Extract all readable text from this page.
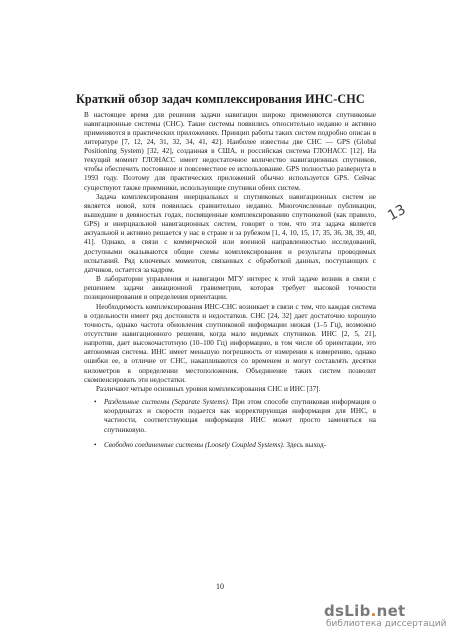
Краткий обзор задач комплексирования ИНС-СНС

В настоящее время для решения задачи навигации широко применяются спутниковые навигационные системы (СНС). Такие системы появились относительно недавно и активно применяются в практических приложениях. Принцип работы таких систем подробно описан в литературе [7, 12, 24, 31, 32, 34, 41, 42]. Наиболее известны две СНС — GPS (Global Positioning System) [32, 42], созданная в США, и российская система ГЛОНАСС [12]. На текущий момент ГЛОНАСС имеет недостаточное количество навигационных спутников, чтобы обеспечить постоянное и повсеместное ее использование. GPS полностью развернута в 1993 году. Поэтому для практических приложений обычно используется GPS. Сейчас существуют также приемники, использующие спутники обеих систем.

Задача комплексирования инерциальных и спутниковых навигационных систем не является новой, хотя появилась сравнительно недавно. Многочисленные публикации, вышедшие в девяностых годах, посвященные комплексированию спутниковой (как правило, GPS) и инерциальной навигационных систем, говорят о том, что эта задача является актуальной и активно решается у нас в стране и за рубежом [1, 4, 10, 15, 17, 35, 36, 38, 39, 40, 41]. Однако, в связи с коммерческой или военной направленностью исследований, доступными оказываются общие схемы комплексирования и результаты проводимых испытаний. Ряд ключевых моментов, связанных с обработкой данных, поступающих с датчиков, остается за кадром.

В лаборатории управления и навигации МГУ интерес к этой задаче возник в связи с решением задачи авиационной гравиметрии, которая требует высокой точности позиционирования и определения ориентации.

Необходимость комплексирования ИНС-СНС возникает в связи с тем, что каждая система в отдельности имеет ряд достоинств и недостатков. СНС [24, 32] дает достаточно хорошую точность, однако частота обновления спутниковой информации низкая (1–5 Гц), возможно отсутствие навигационного решения, когда мало видимых спутников. ИНС [2, 5, 21], напротив, дает высокочастотную (10–100 Гц) информацию, в том числе об ориентации, это автономная система. ИНС имеет меньшую погрешность от измерения к измерению, однако ошибки ее, в отличие от СНС, накапливаются со временем и могут составлять десятки километров в определении местоположения. Объединение таких систем позволит скомпенсировать эти недостатки.

Различают четыре основных уровня комплексирования СНС и ИНС [37].

• Раздельные системы (Separate Systems). При этом способе спутниковая информация о координатах и скорости подается как корректирующая информация для ИНС, в частности, соответствующая информация ИНС может просто заменяться на спутниковую.
• Свободно соединенные системы (Loosely Coupled Systems). Здесь выход-
13
10
dsLib.net
библиотека диссертаций
